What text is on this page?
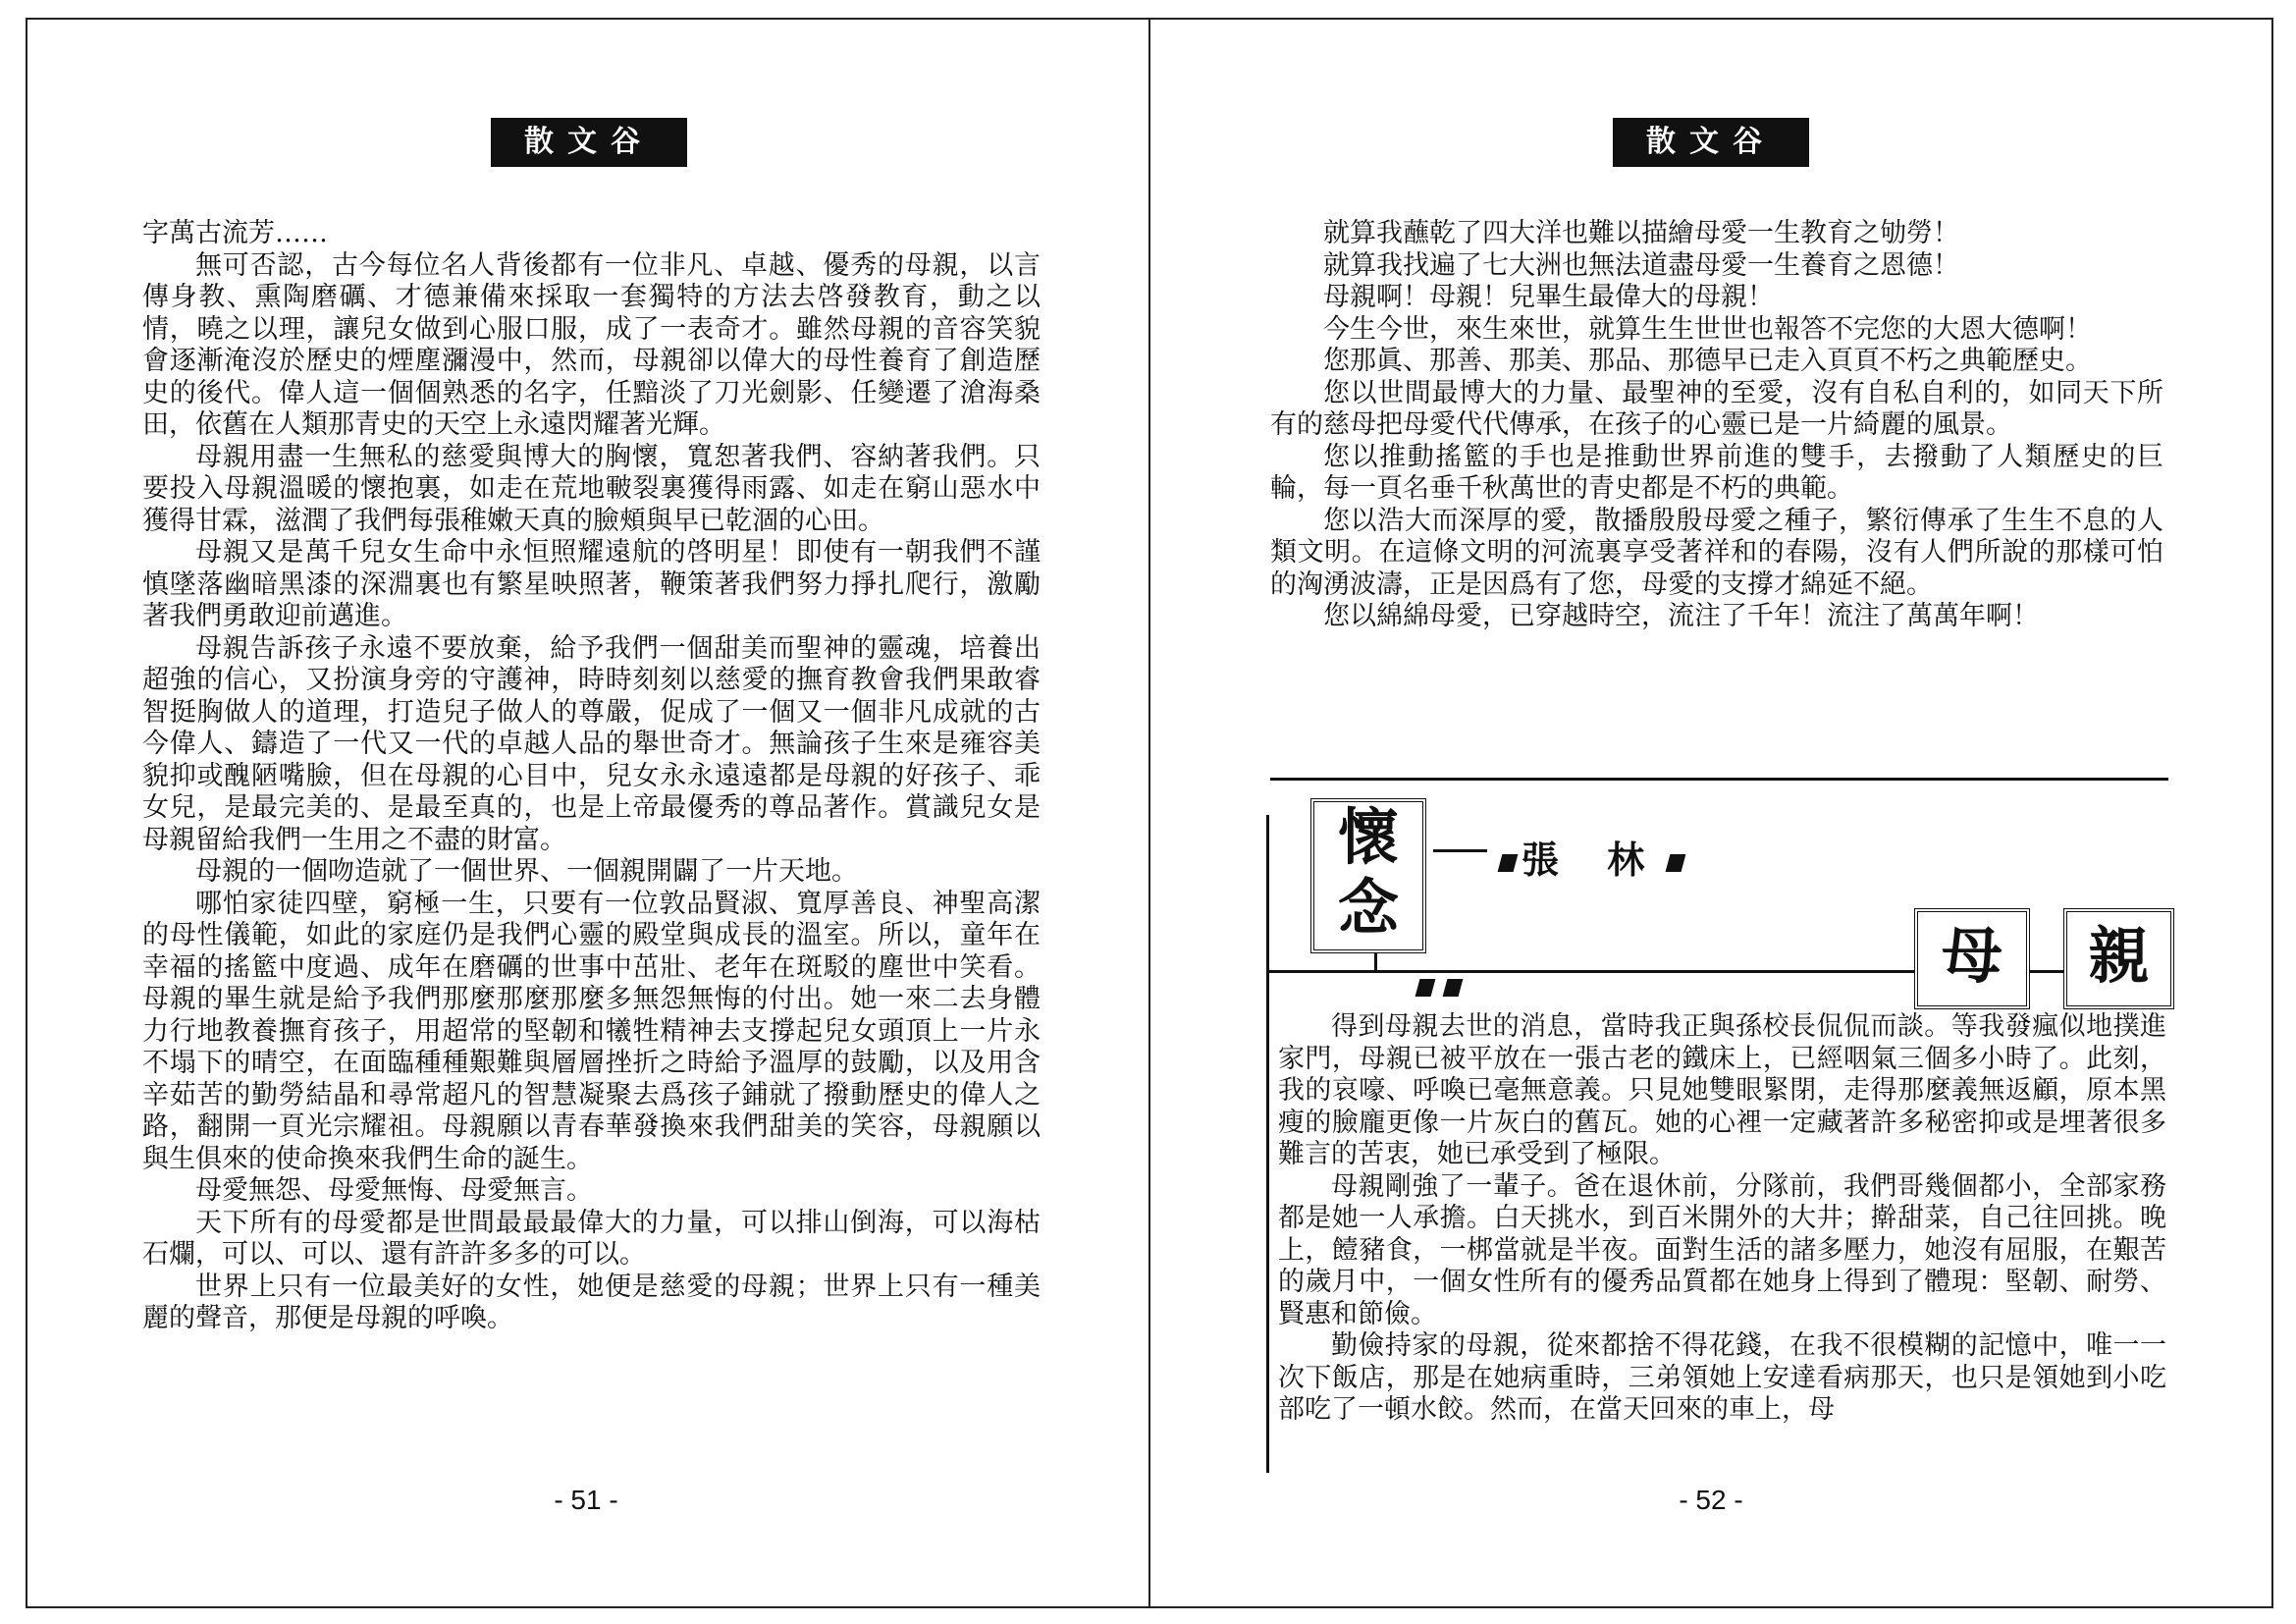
散文谷

字萬古流芳……

無可否認，古今每位名人背後都有一位非凡、卓越、優秀的母親，以言傳身教、熏陶磨礪、才德兼備來採取一套獨特的方法去啓發教育，動之以情，曉之以理，讓兒女做到心服口服，成了一表奇才。雖然母親的音容笑貌會逐漸淹沒於歷史的煙塵瀰漫中，然而，母親卻以偉大的母性養育了創造歷史的後代。偉人這一個個熟悉的名字，任黯淡了刀光劍影、任變遷了滄海桑田，依舊在人類那青史的天空上永遠閃耀著光輝。

母親用盡一生無私的慈愛與博大的胸懷，寬恕著我們、容納著我們。只要投入母親溫暖的懷抱裏，如走在荒地皸裂裏獲得雨露、如走在窮山惡水中獲得甘霖，滋潤了我們每張稚嫩天真的臉頰與早已乾涸的心田。

母親又是萬千兒女生命中永恒照耀遠航的啓明星！即使有一朝我們不謹慎墜落幽暗黑漆的深淵裏也有繁星映照著，鞭策著我們努力掙扎爬行，激勵著我們勇敢迎前邁進。

母親告訴孩子永遠不要放棄，給予我們一個甜美而聖神的靈魂，培養出超強的信心，又扮演身旁的守護神，時時刻刻以慈愛的撫育教會我們果敢睿智挺胸做人的道理，打造兒子做人的尊嚴，促成了一個又一個非凡成就的古今偉人、鑄造了一代又一代的卓越人品的舉世奇才。無論孩子生來是雍容美貌抑或醜陋嘴臉，但在母親的心目中，兒女永永遠遠都是母親的好孩子、乖女兒，是最完美的、是最至真的，也是上帝最優秀的尊品著作。賞識兒女是母親留給我們一生用之不盡的財富。

母親的一個吻造就了一個世界、一個親開闢了一片天地。

哪怕家徒四壁，窮極一生，只要有一位敦品賢淑、寬厚善良、神聖高潔的母性儀範，如此的家庭仍是我們心靈的殿堂與成長的溫室。所以，童年在幸福的搖籃中度過、成年在磨礪的世事中茁壯、老年在斑駁的塵世中笑看。母親的畢生就是給予我們那麼那麼那麼多無怨無悔的付出。她一來二去身體力行地教養撫育孩子，用超常的堅韌和犧牲精神去支撐起兒女頭頂上一片永不塌下的晴空，在面臨種種艱難與層層挫折之時給予溫厚的鼓勵，以及用含辛茹苦的勤勞結晶和尋常超凡的智慧凝聚去爲孩子鋪就了撥動歷史的偉人之路，翻開一頁光宗耀祖。母親願以青春華發換來我們甜美的笑容，母親願以與生俱來的使命換來我們生命的誕生。

母愛無怨、母愛無悔、母愛無言。

天下所有的母愛都是世間最最最偉大的力量，可以排山倒海，可以海枯石爛，可以、可以、還有許許多多的可以。

世界上只有一位最美好的女性，她便是慈愛的母親；世界上只有一種美麗的聲音，那便是母親的呼喚。

- 51 -
散文谷

就算我蘸乾了四大洋也難以描繪母愛一生教育之劬勞！

就算我找遍了七大洲也無法道盡母愛一生養育之恩德！

母親啊！母親！兒畢生最偉大的母親！

今生今世，來生來世，就算生生世世也報答不完您的大恩大德啊！

您那眞、那善、那美、那品、那德早已走入頁頁不朽之典範歷史。

您以世間最博大的力量、最聖神的至愛，沒有自私自利的，如同天下所有的慈母把母愛代代傳承，在孩子的心靈已是一片綺麗的風景。

您以推動搖籃的手也是推動世界前進的雙手，去撥動了人類歷史的巨輪，每一頁名垂千秋萬世的青史都是不朽的典範。

您以浩大而深厚的愛，散播殷殷母愛之種子，繁衍傳承了生生不息的人類文明。在這條文明的河流裏享受著祥和的春陽，沒有人們所說的那樣可怕的洶湧波濤，正是因爲有了您，母愛的支撐才綿延不絕。

您以綿綿母愛，已穿越時空，流注了千年！流注了萬萬年啊！

懷
念
張 林
母	親

得到母親去世的消息，當時我正與孫校長侃侃而談。等我發瘋似地撲進家門，母親已被平放在一張古老的鐵床上，已經咽氣三個多小時了。此刻，我的哀嚎、呼喚已毫無意義。只見她雙眼緊閉，走得那麼義無返顧，原本黑瘦的臉龐更像一片灰白的舊瓦。她的心裡一定藏著許多秘密抑或是埋著很多難言的苦衷，她已承受到了極限。

母親剛強了一輩子。爸在退休前，分隊前，我們哥幾個都小，全部家務都是她一人承擔。白天挑水，到百米開外的大井；擀甜菜，自己往回挑。晚上，饐豬食，一梆當就是半夜。面對生活的諸多壓力，她沒有屈服，在艱苦的歲月中，一個女性所有的優秀品質都在她身上得到了體現：堅韌、耐勞、賢惠和節儉。

勤儉持家的母親，從來都捨不得花錢，在我不很模糊的記憶中，唯一一次下飯店，那是在她病重時，三弟領她上安達看病那天，也只是領她到小吃部吃了一頓水餃。然而，在當天回來的車上，母

- 52 -
